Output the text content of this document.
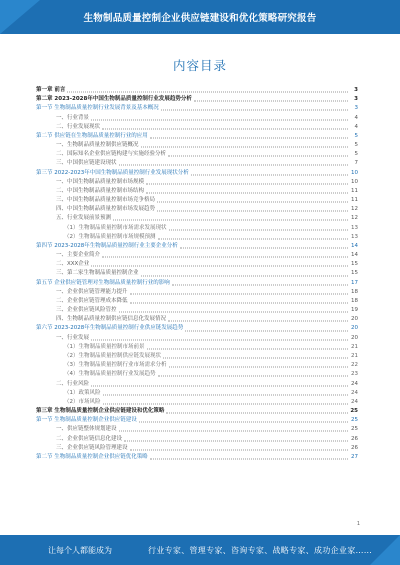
生物制品质量控制企业供应链建设和优化策略研究报告
内容目录
第一章 前言	3
第二章 2023-2028年中国生物制品质量控制行业发展趋势分析	3
第一节 生物制品质量控制行业发展背景及基本概况	3
一、行业背景	4
二、行业发展现状	4
第二节 供应链在生物制品质量控制行业的应用	5
一、生物制品质量控制供应链概况	5
二、国际知名企业供应链构建与实施经验分析	5
三、中国供应链建设现状	7
第三节 2022-2023年中国生物制品质量控制行业发展现状分析	10
一、中国生物制品质量控制市场规模	10
二、中国生物制品质量控制市场结构	11
三、中国生物制品质量控制市场竞争格局	11
四、中国生物制品质量控制市场发展趋势	12
五、行业发展前景预测	12
（1）生物制品质量控制市场需求发展现状	13
（2）生物制品质量控制市场规模预测	13
第四节 2023-2028年生物制品质量控制行业主要企业分析	14
一、主要企业简介	14
二、XXX企业	15
三、第二家生物制品质量控制企业	15
第五节 企业供应链管理对生物制品质量控制行业的影响	17
一、企业供应链管理能力提升	18
二、企业供应链管理成本降低	18
三、企业供应链风险管控	19
四、生物制品质量控制供应链信息化发展情况	20
第六节 2023-2028年生物制品质量控制行业供应链发展趋势	20
一、行业发展	20
（1）生物制品质量控制市场前景	21
（2）生物制品质量控制供应链发展现状	21
（3）生物制品质量控制行业市场需求分析	22
（4）生物制品质量控制行业发展趋势	23
二、行业风险	24
（1）政策风险	24
（2）市场风险	24
第三章 生物制品质量控制企业供应链建设和优化策略	25
第一节 生物制品质量控制企业供应链建设	25
一、供应链整体规划建设	25
二、企业供应链信息化建设	26
三、企业供应链风险管理建设	26
第二节 生物制品质量控制企业供应链优化策略	27
1
让每个人都能成为	行业专家、管理专家、咨询专家、战略专家、成功企业家……
